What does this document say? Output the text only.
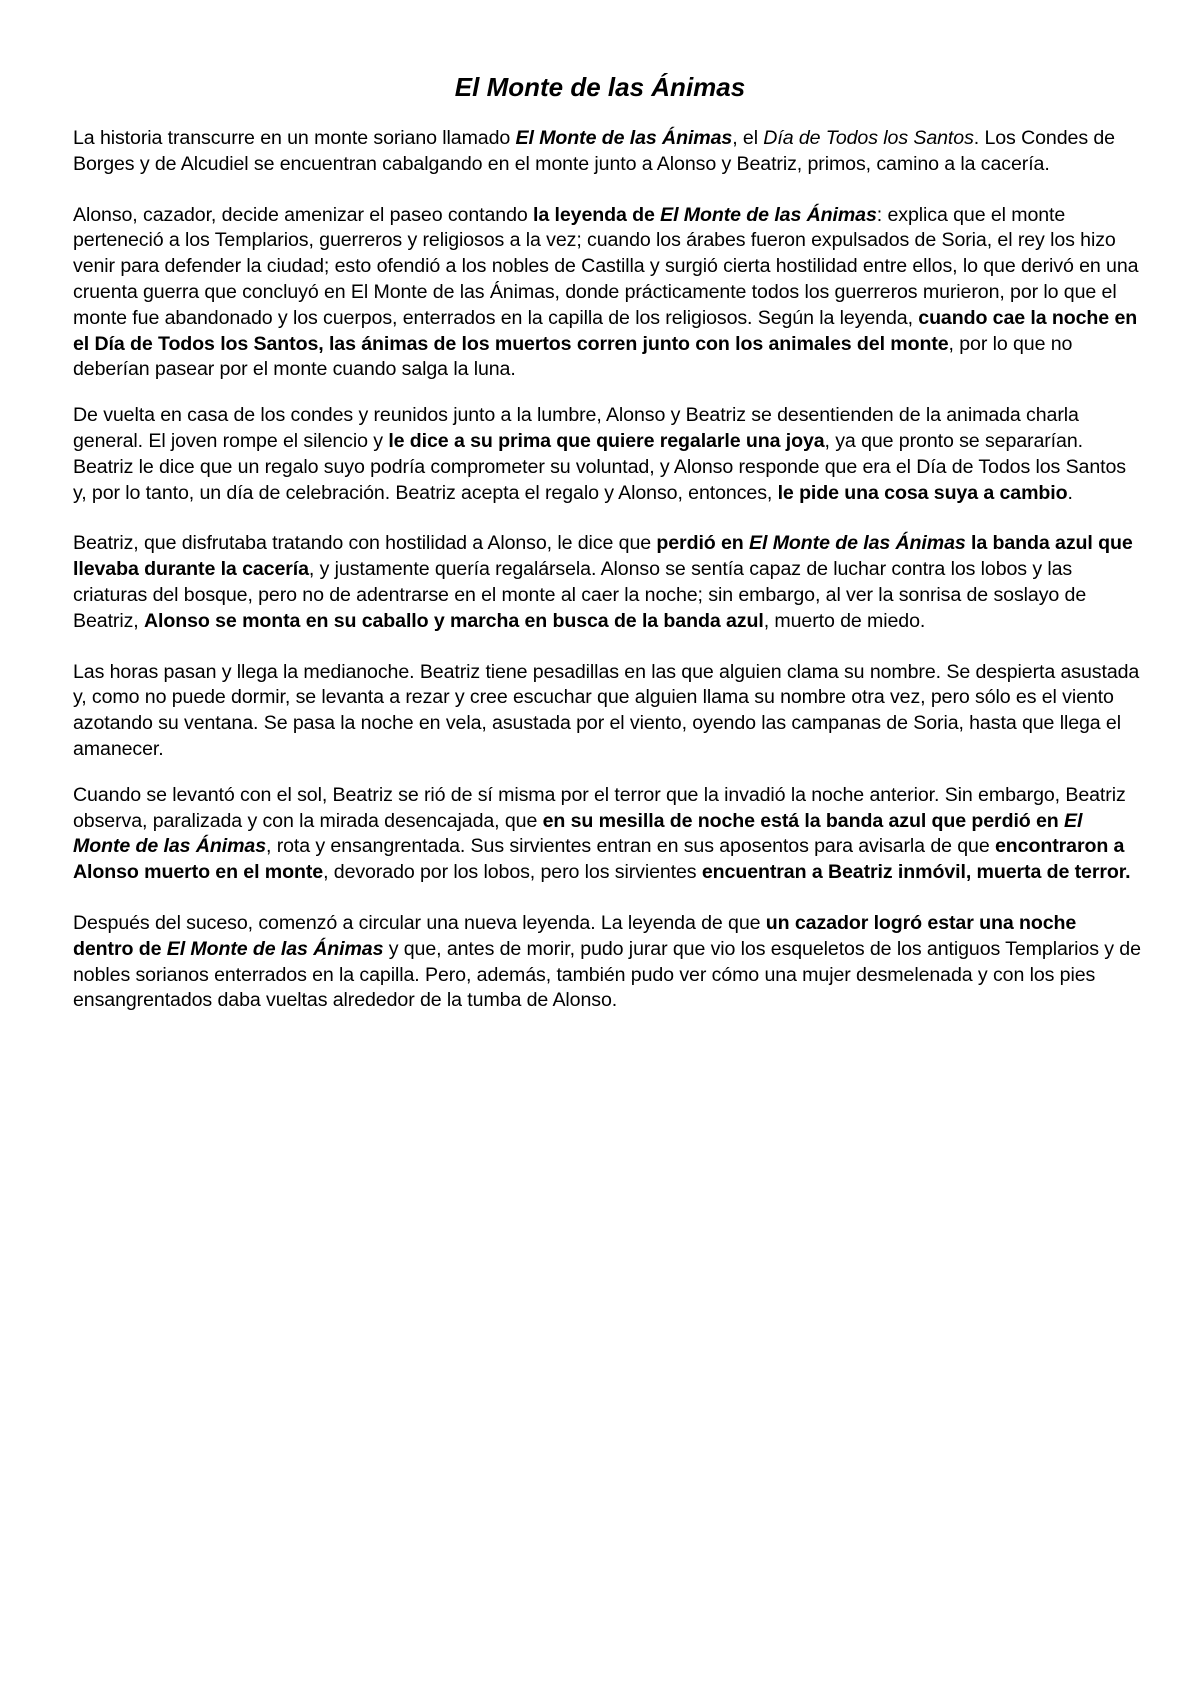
El Monte de las Ánimas

La historia transcurre en un monte soriano llamado El Monte de las Ánimas, el Día de Todos los Santos. Los Condes de Borges y de Alcudiel se encuentran cabalgando en el monte junto a Alonso y Beatriz, primos, camino a la cacería.

Alonso, cazador, decide amenizar el paseo contando la leyenda de El Monte de las Ánimas: explica que el monte perteneció a los Templarios, guerreros y religiosos a la vez; cuando los árabes fueron expulsados de Soria, el rey los hizo venir para defender la ciudad; esto ofendió a los nobles de Castilla y surgió cierta hostilidad entre ellos, lo que derivó en una cruenta guerra que concluyó en El Monte de las Ánimas, donde prácticamente todos los guerreros murieron, por lo que el monte fue abandonado y los cuerpos, enterrados en la capilla de los religiosos. Según la leyenda, cuando cae la noche en el Día de Todos los Santos, las ánimas de los muertos corren junto con los animales del monte, por lo que no deberían pasear por el monte cuando salga la luna.

De vuelta en casa de los condes y reunidos junto a la lumbre, Alonso y Beatriz se desentienden de la animada charla general. El joven rompe el silencio y le dice a su prima que quiere regalarle una joya, ya que pronto se separarían. Beatriz le dice que un regalo suyo podría comprometer su voluntad, y Alonso responde que era el Día de Todos los Santos y, por lo tanto, un día de celebración. Beatriz acepta el regalo y Alonso, entonces, le pide una cosa suya a cambio.

Beatriz, que disfrutaba tratando con hostilidad a Alonso, le dice que perdió en El Monte de las Ánimas la banda azul que llevaba durante la cacería, y justamente quería regalársela. Alonso se sentía capaz de luchar contra los lobos y las criaturas del bosque, pero no de adentrarse en el monte al caer la noche; sin embargo, al ver la sonrisa de soslayo de Beatriz, Alonso se monta en su caballo y marcha en busca de la banda azul, muerto de miedo.

Las horas pasan y llega la medianoche. Beatriz tiene pesadillas en las que alguien clama su nombre. Se despierta asustada y, como no puede dormir, se levanta a rezar y cree escuchar que alguien llama su nombre otra vez, pero sólo es el viento azotando su ventana. Se pasa la noche en vela, asustada por el viento, oyendo las campanas de Soria, hasta que llega el amanecer.

Cuando se levantó con el sol, Beatriz se rió de sí misma por el terror que la invadió la noche anterior. Sin embargo, Beatriz observa, paralizada y con la mirada desencajada, que en su mesilla de noche está la banda azul que perdió en El Monte de las Ánimas, rota y ensangrentada. Sus sirvientes entran en sus aposentos para avisarla de que encontraron a Alonso muerto en el monte, devorado por los lobos, pero los sirvientes encuentran a Beatriz inmóvil, muerta de terror.

Después del suceso, comenzó a circular una nueva leyenda. La leyenda de que un cazador logró estar una noche dentro de El Monte de las Ánimas y que, antes de morir, pudo jurar que vio los esqueletos de los antiguos Templarios y de nobles sorianos enterrados en la capilla. Pero, además, también pudo ver cómo una mujer desmelenada y con los pies ensangrentados daba vueltas alrededor de la tumba de Alonso.
